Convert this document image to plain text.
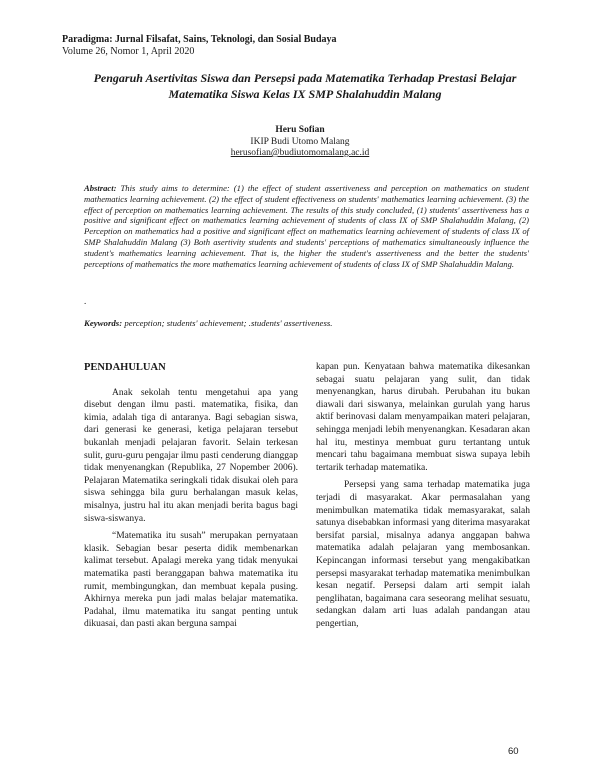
Paradigma: Jurnal Filsafat, Sains, Teknologi, dan Sosial Budaya
Volume 26, Nomor 1, April 2020
Pengaruh Asertivitas Siswa dan Persepsi pada Matematika Terhadap Prestasi Belajar Matematika Siswa Kelas IX SMP Shalahuddin Malang
Heru Sofian
IKIP Budi Utomo Malang
herusofian@budiutomomalang.ac.id
Abstract: This study aims to determine: (1) the effect of student assertiveness and perception on mathematics on student mathematics learning achievement. (2) the effect of student effectiveness on students' mathematics learning achievement. (3) the effect of perception on mathematics learning achievement. The results of this study concluded, (1) students' assertiveness has a positive and significant effect on mathematics learning achievement of students of class IX of SMP Shalahuddin Malang, (2) Perception on mathematics had a positive and significant effect on mathematics learning achievement of students of class IX of SMP Shalahuddin Malang (3) Both asertivity students and students' perceptions of mathematics simultaneously influence the student's mathematics learning achievement. That is, the higher the student's assertiveness and the better the students' perceptions of mathematics the more mathematics learning achievement of students of class IX of SMP Shalahuddin Malang.
.
Keywords: perception; students' achievement; .students' assertiveness.
PENDAHULUAN

Anak sekolah tentu mengetahui apa yang disebut dengan ilmu pasti. matematika, fisika, dan kimia, adalah tiga di antaranya. Bagi sebagian siswa, dari generasi ke generasi, ketiga pelajaran tersebut bukanlah menjadi pelajaran favorit. Selain terkesan sulit, guru-guru pengajar ilmu pasti cenderung dianggap tidak menyenangkan (Republika, 27 Nopember 2006). Pelajaran Matematika seringkali tidak disukai oleh para siswa sehingga bila guru berhalangan masuk kelas, misalnya, justru hal itu akan menjadi berita bagus bagi siswa-siswanya.

“Matematika itu susah” merupakan pernyataan klasik. Sebagian besar peserta didik membenarkan kalimat tersebut. Apalagi mereka yang tidak menyukai matematika pasti beranggapan bahwa matematika itu rumit, membingungkan, dan membuat kepala pusing. Akhirnya mereka pun jadi malas belajar matematika. Padahal, ilmu matematika itu sangat penting untuk dikuasai, dan pasti akan berguna sampai

kapan pun. Kenyataan bahwa matematika dikesankan sebagai suatu pelajaran yang sulit, dan tidak menyenangkan, harus dirubah. Perubahan itu bukan diawali dari siswanya, melainkan gurulah yang harus aktif berinovasi dalam menyampaikan materi pelajaran, sehingga menjadi lebih menyenangkan. Kesadaran akan hal itu, mestinya membuat guru tertantang untuk mencari tahu bagaimana membuat siswa supaya lebih tertarik terhadap matematika.

Persepsi yang sama terhadap matematika juga terjadi di masyarakat. Akar permasalahan yang menimbulkan matematika tidak memasyarakat, salah satunya disebabkan informasi yang diterima masyarakat bersifat parsial, misalnya adanya anggapan bahwa matematika adalah pelajaran yang membosankan. Kepincangan informasi tersebut yang mengakibatkan persepsi masyarakat terhadap matematika menimbulkan kesan negatif. Persepsi dalam arti sempit ialah penglihatan, bagaimana cara seseorang melihat sesuatu, sedangkan dalam arti luas adalah pandangan atau pengertian,

60
